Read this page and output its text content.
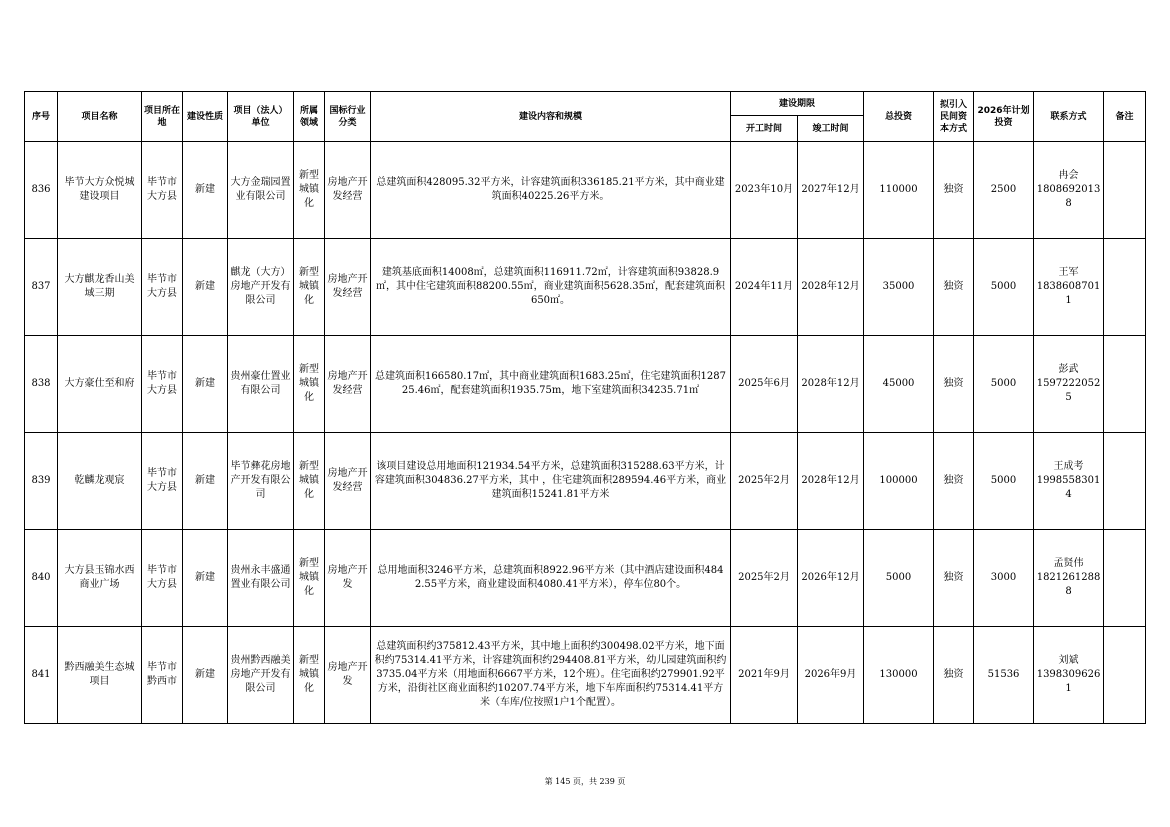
序号	项目名称	项目所在地	建设性质	项目（法人）单位	所属领域	国标行业分类	建设内容和规模	建设期限		总投资	拟引入民间资本方式	2026年计划投资	联系方式	备注
								开工时间	竣工时间					
836	毕节大方众悦城建设项目	毕节市大方县	新建	大方金瑞园置业有限公司	新型城镇化	房地产开发经营	总建筑面积428095.32平方米，计容建筑面积336185.21平方米，其中商业建筑面积40225.26平方米。	2023年10月	2027年12月	110000	独资	2500	冉会
18086920138	

837	大方麒龙香山美域三期	毕节市大方县	新建	麒龙（大方）房地产开发有限公司	新型城镇化	房地产开发经营	建筑基底面积14008㎡，总建筑面积116911.72㎡，计容建筑面积93828.9㎡，其中住宅建筑面积88200.55㎡，商业建筑面积5628.35㎡，配套建筑面积650㎡。	2024年11月	2028年12月	35000	独资	5000	王军
18386087011	

838	大方豪仕至和府	毕节市大方县	新建	贵州豪仕置业有限公司	新型城镇化	房地产开发经营	总建筑面积166580.17㎡，其中商业建筑面积1683.25㎡，住宅建筑面积128725.46㎡，配套建筑面积1935.75m，地下室建筑面积34235.71㎡	2025年6月	2028年12月	45000	独资	5000	彭武
15972220525	

839	乾麟龙观宸	毕节市大方县	新建	毕节彝花房地产开发有限公司	新型城镇化	房地产开发经营	该项目建设总用地面积121934.54平方米，总建筑面积315288.63平方米，计容建筑面积304836.27平方米，其中 ，住宅建筑面积289594.46平方米，商业建筑面积15241.81平方米	2025年2月	2028年12月	100000	独资	5000	王成考
19985583014	

840	大方县玉锦水西商业广场	毕节市大方县	新建	贵州永丰盛通置业有限公司	新型城镇化	房地产开发	总用地面积3246平方米，总建筑面积8922.96平方米（其中酒店建设面积4842.55平方米，商业建设面积4080.41平方米），停车位80个。	2025年2月	2026年12月	5000	独资	3000	孟贤伟
18212612888	

841	黔西融美生态城项目	毕节市黔西市	新建	贵州黔西融美房地产开发有限公司	新型城镇化	房地产开发	总建筑面积约375812.43平方米，其中地上面积约300498.02平方米，地下面积约75314.41平方米，计容建筑面积约294408.81平方米，幼儿园建筑面积约3735.04平方米（用地面积6667平方米，12个班）。住宅面积约279901.92平方米，沿街社区商业面积约10207.74平方米，地下车库面积约75314.41平方米（车库/位按照1户1个配置）。	2021年9月	2026年9月	130000	独资	51536	刘斌
13983096261	

第 145 页，共 239 页
